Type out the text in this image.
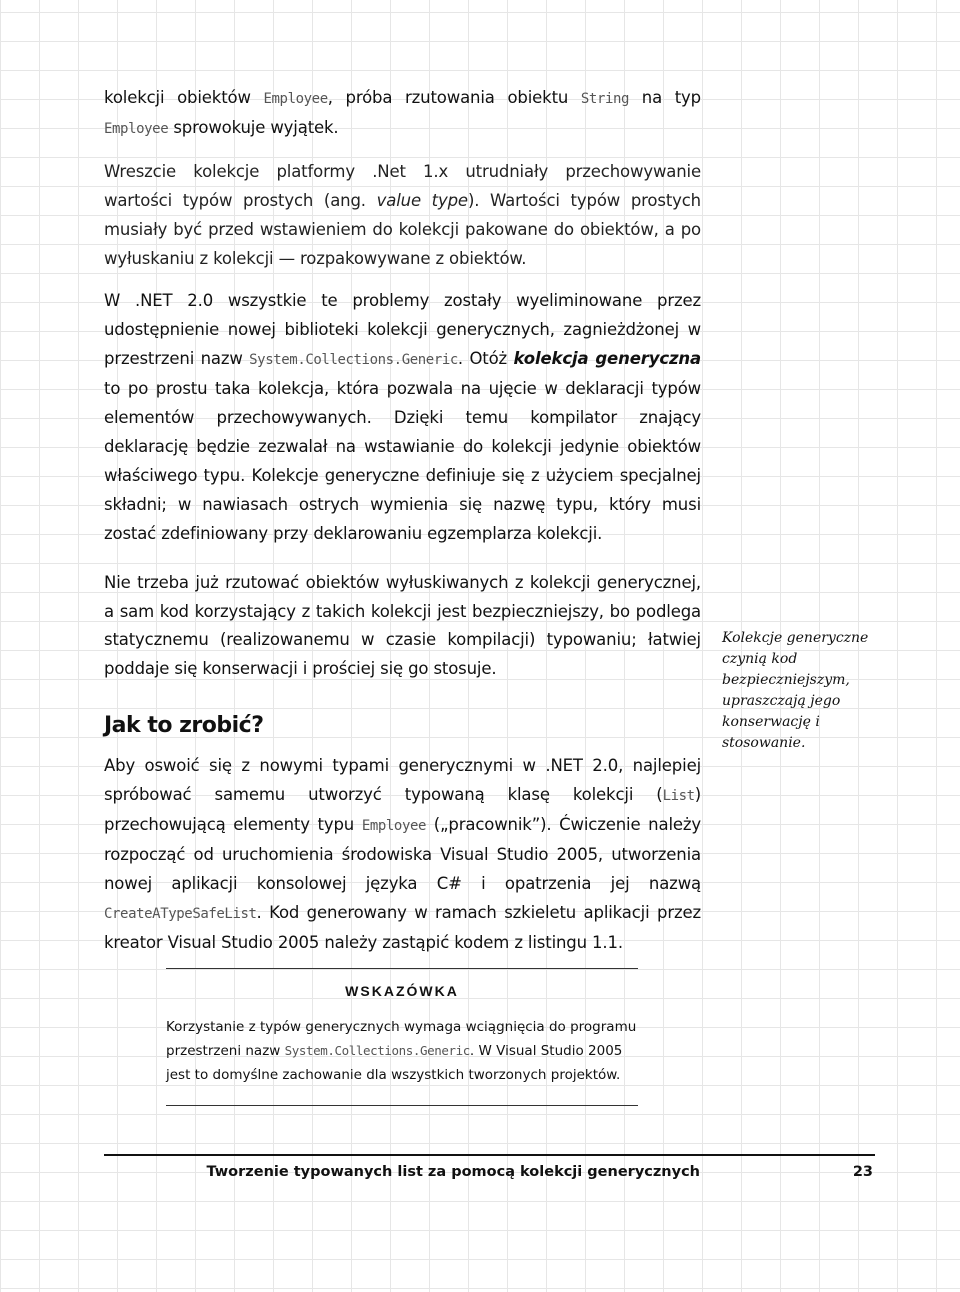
kolekcji obiektów Employee, próba rzutowania obiektu String na typ Employee sprowokuje wyjątek.

Wreszcie kolekcje platformy .Net 1.x utrudniały przechowywanie wartości typów prostych (ang. value type). Wartości typów prostych musiały być przed wstawieniem do kolekcji pakowane do obiektów, a po wyłuskaniu z kolekcji — rozpakowywane z obiektów.

W .NET 2.0 wszystkie te problemy zostały wyeliminowane przez udostępnienie nowej biblioteki kolekcji generycznych, zagnieżdżonej w przestrzeni nazw System.Collections.Generic. Otóż kolekcja generyczna to po prostu taka kolekcja, która pozwala na ujęcie w deklaracji typów elementów przechowywanych. Dzięki temu kompilator znający deklarację będzie zezwalał na wstawianie do kolekcji jedynie obiektów właściwego typu. Kolekcje generyczne definiuje się z użyciem specjalnej składni; w nawiasach ostrych wymienia się nazwę typu, który musi zostać zdefiniowany przy deklarowaniu egzemplarza kolekcji.

Nie trzeba już rzutować obiektów wyłuskiwanych z kolekcji generycznej, a sam kod korzystający z takich kolekcji jest bezpieczniejszy, bo podlega statycznemu (realizowanemu w czasie kompilacji) typowaniu; łatwiej poddaje się konserwacji i prościej się go stosuje.

Jak to zrobić?

Aby oswoić się z nowymi typami generycznymi w .NET 2.0, najlepiej spróbować samemu utworzyć typowaną klasę kolekcji (List) przechowującą elementy typu Employee („pracownik”). Ćwiczenie należy rozpocząć od uruchomienia środowiska Visual Studio 2005, utworzenia nowej aplikacji konsolowej języka C# i opatrzenia jej nazwą CreateATypeSafeList. Kod generowany w ramach szkieletu aplikacji przez kreator Visual Studio 2005 należy zastąpić kodem z listingu 1.1.

Kolekcje generyczne czynią kod bezpieczniejszym, upraszczają jego konserwację i stosowanie.
WSKAZÓWKA
Korzystanie z typów generycznych wymaga wciągnięcia do programu przestrzeni nazw System.Collections.Generic. W Visual Studio 2005 jest to domyślne zachowanie dla wszystkich tworzonych projektów.
Tworzenie typowanych list za pomocą kolekcji generycznych	23
